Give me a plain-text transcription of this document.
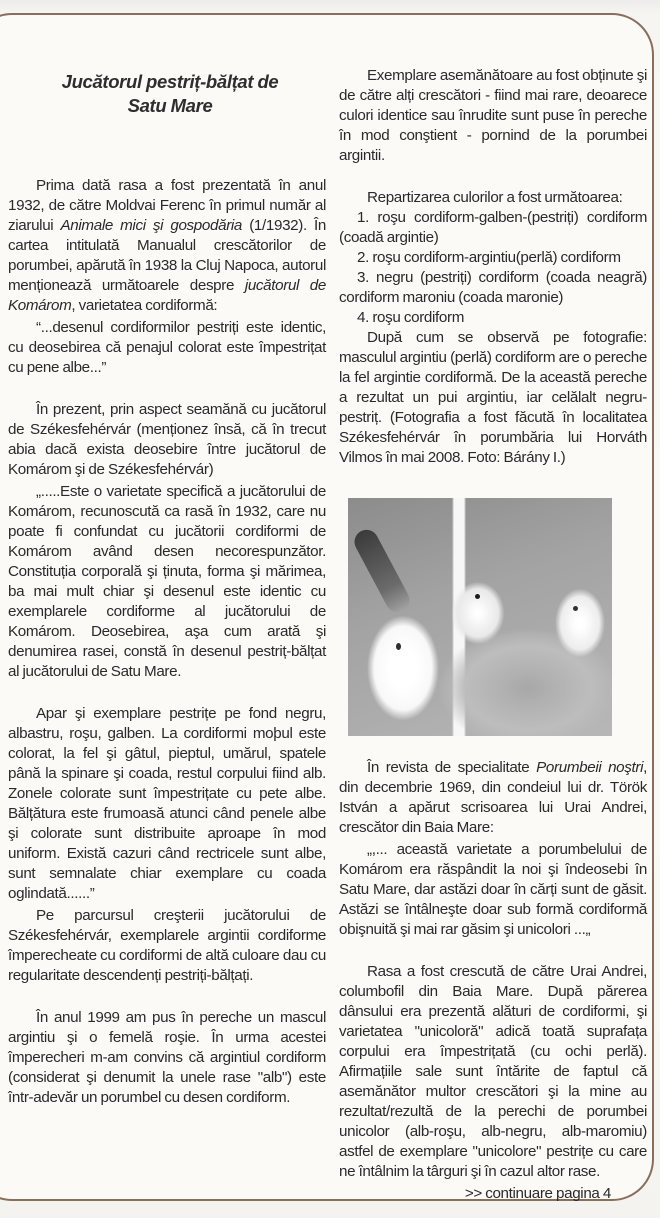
Jucătorul pestriț-bălțat de
Satu Mare

Prima dată rasa a fost prezentată în anul 1932, de către Moldvai Ferenc în primul număr al ziarului Animale mici şi gospodăria (1/1932). În cartea intitulată Manualul crescătorilor de porumbei, apărută în 1938 la Cluj Napoca, autorul menționează următoarele despre jucătorul de Komárom, varietatea cordiformă:

“...desenul cordiformilor pestriți este identic, cu deosebirea că penajul colorat este împestrițat cu pene albe...”

În prezent, prin aspect seamănă cu jucătorul de Székesfehérvár (menționez însă, că în trecut abia dacă exista deosebire între jucătorul de Komárom şi de Székesfehérvár)

„.....Este o varietate specifică a jucătorului de Komárom, recunoscută ca rasă în 1932, care nu poate fi confundat cu jucătorii cordiformi de Komárom având desen necorespunzător. Constituția corporală şi ținuta, forma şi mărimea, ba mai mult chiar şi desenul este identic cu exemplarele cordiforme al jucătorului de Komárom. Deosebirea, aşa cum arată şi denumirea rasei, constă în desenul pestriț-bălțat al jucătorului de Satu Mare.

Apar şi exemplare pestrițe pe fond negru, albastru, roşu, galben. La cordiformi moþul este colorat, la fel şi gâtul, pieptul, umărul, spatele până la spinare şi coada, restul corpului fiind alb. Zonele colorate sunt împestrițate cu pete albe. Bălțătura este frumoasă atunci când penele albe şi colorate sunt distribuite aproape în mod uniform. Există cazuri când rectricele sunt albe, sunt semnalate chiar exemplare cu coada oglindată......”

Pe parcursul creşterii jucătorului de Székesfehérvár, exemplarele argintii cordiforme împerecheate cu cordiformi de altă culoare dau cu regularitate descendenți pestriți-bălțați.

În anul 1999 am pus în pereche un mascul argintiu şi o femelă roşie. În urma acestei împerecheri m-am convins că argintiul cordiform (considerat şi denumit la unele rase "alb") este într-adevăr un porumbel cu desen cordiform.

Exemplare asemănătoare au fost obținute şi de către alți crescători - fiind mai rare, deoarece culori identice sau înrudite sunt puse în pereche în mod conştient - pornind de la porumbei argintii.

Repartizarea culorilor a fost următoarea:

1. roşu cordiform-galben-(pestriți) cordiform (coadă argintie)

2. roşu cordiform-argintiu(perlă) cordiform

3. negru (pestriți) cordiform (coada neagră) cordiform maroniu (coada maronie)

4. roşu cordiform

După cum se observă pe fotografie: masculul argintiu (perlă) cordiform are o pereche la fel argintie cordiformă. De la această pereche a rezultat un pui argintiu, iar celălalt negru-pestriț. (Fotografia a fost făcută în localitatea Székesfehérvár în porumbăria lui Horváth Vilmos în mai 2008. Foto: Bárány I.)

În revista de specialitate Porumbeii noştri, din decembrie 1969, din condeiul lui dr. Török István a apărut scrisoarea lui Urai Andrei, crescător din Baia Mare:

„,... această varietate a porumbelului de Komárom era răspândit la noi şi îndeosebi în Satu Mare, dar astăzi doar în cărți sunt de găsit. Astăzi se întâlneşte doar sub formă cordiformă obişnuită şi mai rar găsim şi unicolori ...„

Rasa a fost crescută de către Urai Andrei, columbofil din Baia Mare. După părerea dânsului era prezentă alături de cordiformi, şi varietatea "unicoloră" adică toată suprafața corpului era împestrițată (cu ochi perlă). Afirmațiile sale sunt întărite de faptul că asemănător multor crescători şi la mine au rezultat/rezultă de la perechi de porumbei unicolor (alb-roşu, alb-negru, alb-maromiu) astfel de exemplare "unicolore" pestrițe cu care ne întâlnim la târguri şi în cazul altor rase.

>> continuare pagina 4
